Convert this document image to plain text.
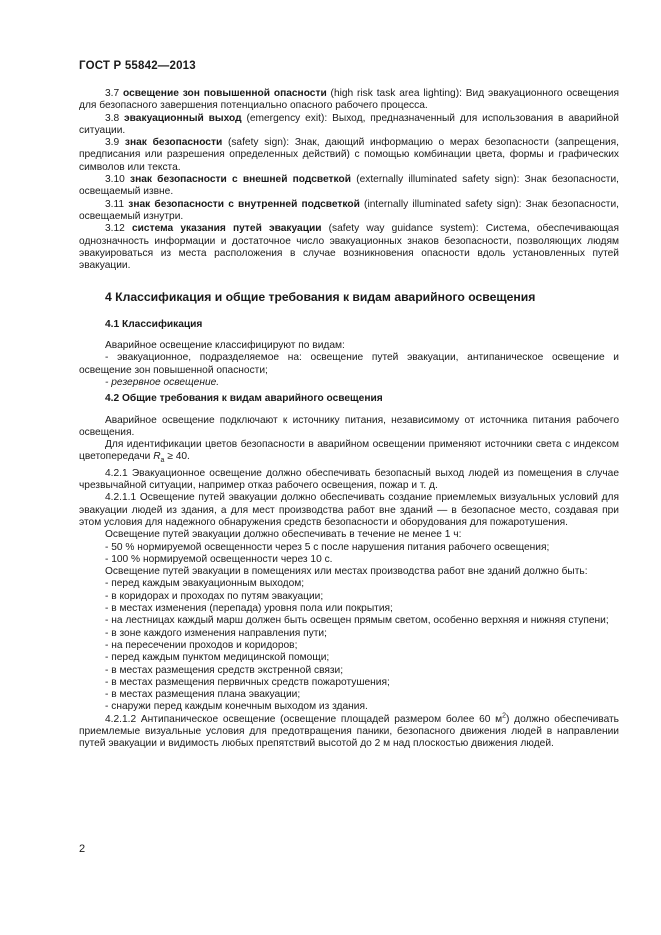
ГОСТ Р 55842—2013

3.7 освещение зон повышенной опасности (high risk task area lighting): Вид эвакуационного освещения для безопасного завершения потенциально опасного рабочего процесса.

3.8 эвакуационный выход (emergency exit): Выход, предназначенный для использования в аварийной ситуации.

3.9 знак безопасности (safety sign): Знак, дающий информацию о мерах безопасности (запрещения, предписания или разрешения определенных действий) с помощью комбинации цвета, формы и графических символов или текста.

3.10 знак безопасности с внешней подсветкой (externally illuminated safety sign): Знак безопасности, освещаемый извне.

3.11 знак безопасности с внутренней подсветкой (internally illuminated safety sign): Знак безопасности, освещаемый изнутри.

3.12 система указания путей эвакуации (safety way guidance system): Система, обеспечивающая однозначность информации и достаточное число эвакуационных знаков безопасности, позволяющих людям эвакуироваться из места расположения в случае возникновения опасности вдоль установленных путей эвакуации.

4 Классификация и общие требования к видам аварийного освещения

4.1 Классификация

Аварийное освещение классифицируют по видам:

- эвакуационное, подразделяемое на: освещение путей эвакуации, антипаническое освещение и освещение зон повышенной опасности;

- резервное освещение.

4.2 Общие требования к видам аварийного освещения

Аварийное освещение подключают к источнику питания, независимому от источника питания рабочего освещения.

Для идентификации цветов безопасности в аварийном освещении применяют источники света с индексом цветопередачи $R_a \ge 40$.

4.2.1 Эвакуационное освещение должно обеспечивать безопасный выход людей из помещения в случае чрезвычайной ситуации, например отказ рабочего освещения, пожар и т. д.

4.2.1.1 Освещение путей эвакуации должно обеспечивать создание приемлемых визуальных условий для эвакуации людей из здания, а для мест производства работ вне зданий — в безопасное место, создавая при этом условия для надежного обнаружения средств безопасности и оборудования для пожаротушения.

Освещение путей эвакуации должно обеспечивать в течение не менее 1 ч:

- 50 % нормируемой освещенности через 5 с после нарушения питания рабочего освещения;

- 100 % нормируемой освещенности через 10 с.

Освещение путей эвакуации в помещениях или местах производства работ вне зданий должно быть:

- перед каждым эвакуационным выходом;

- в коридорах и проходах по путям эвакуации;

- в местах изменения (перепада) уровня пола или покрытия;

- на лестницах каждый марш должен быть освещен прямым светом, особенно верхняя и нижняя ступени;

- в зоне каждого изменения направления пути;

- на пересечении проходов и коридоров;

- перед каждым пунктом медицинской помощи;

- в местах размещения средств экстренной связи;

- в местах размещения первичных средств пожаротушения;

- в местах размещения плана эвакуации;

- снаружи перед каждым конечным выходом из здания.

4.2.1.2 Антипаническое освещение (освещение площадей размером более 60 $м^2$) должно обеспечивать приемлемые визуальные условия для предотвращения паники, безопасного движения людей в направлении путей эвакуации и видимость любых препятствий высотой до 2 м над плоскостью движения людей.

2
